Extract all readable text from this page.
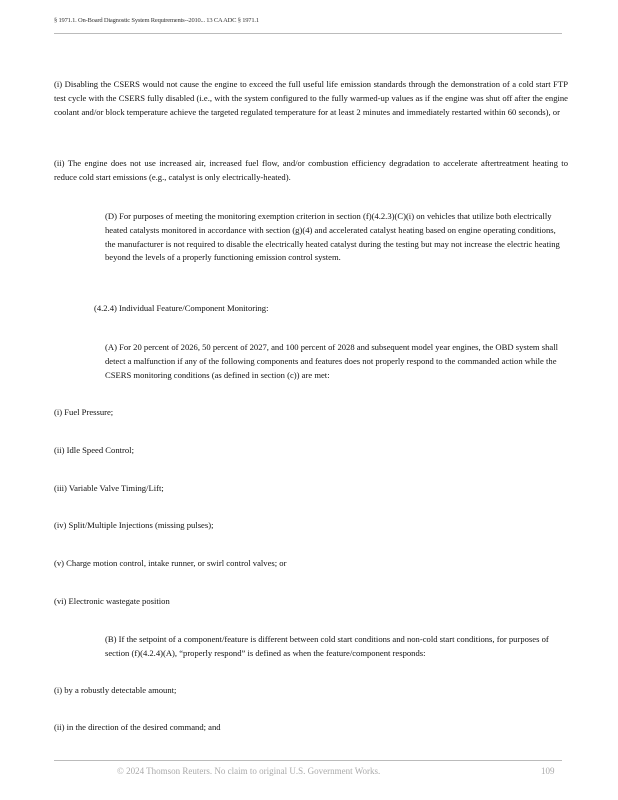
§ 1971.1. On-Board Diagnostic System Requirements--2010... 13 CA ADC § 1971.1

(i) Disabling the CSERS would not cause the engine to exceed the full useful life emission standards through the demonstration of a cold start FTP test cycle with the CSERS fully disabled (i.e., with the system configured to the fully warmed-up values as if the engine was shut off after the engine coolant and/or block temperature achieve the targeted regulated temperature for at least 2 minutes and immediately restarted within 60 seconds), or

(ii) The engine does not use increased air, increased fuel flow, and/or combustion efficiency degradation to accelerate aftertreatment heating to reduce cold start emissions (e.g., catalyst is only electrically-heated).

(D) For purposes of meeting the monitoring exemption criterion in section (f)(4.2.3)(C)(i) on vehicles that utilize both electrically heated catalysts monitored in accordance with section (g)(4) and accelerated catalyst heating based on engine operating conditions, the manufacturer is not required to disable the electrically heated catalyst during the testing but may not increase the electric heating beyond the levels of a properly functioning emission control system.

(4.2.4) Individual Feature/Component Monitoring:

(A) For 20 percent of 2026, 50 percent of 2027, and 100 percent of 2028 and subsequent model year engines, the OBD system shall detect a malfunction if any of the following components and features does not properly respond to the commanded action while the CSERS monitoring conditions (as defined in section (c)) are met:

(i) Fuel Pressure;

(ii) Idle Speed Control;

(iii) Variable Valve Timing/Lift;

(iv) Split/Multiple Injections (missing pulses);

(v) Charge motion control, intake runner, or swirl control valves; or

(vi) Electronic wastegate position

(B) If the setpoint of a component/feature is different between cold start conditions and non-cold start conditions, for purposes of section (f)(4.2.4)(A), “properly respond” is defined as when the feature/component responds:

(i) by a robustly detectable amount;

(ii) in the direction of the desired command; and

© 2024 Thomson Reuters. No claim to original U.S. Government Works.	109
